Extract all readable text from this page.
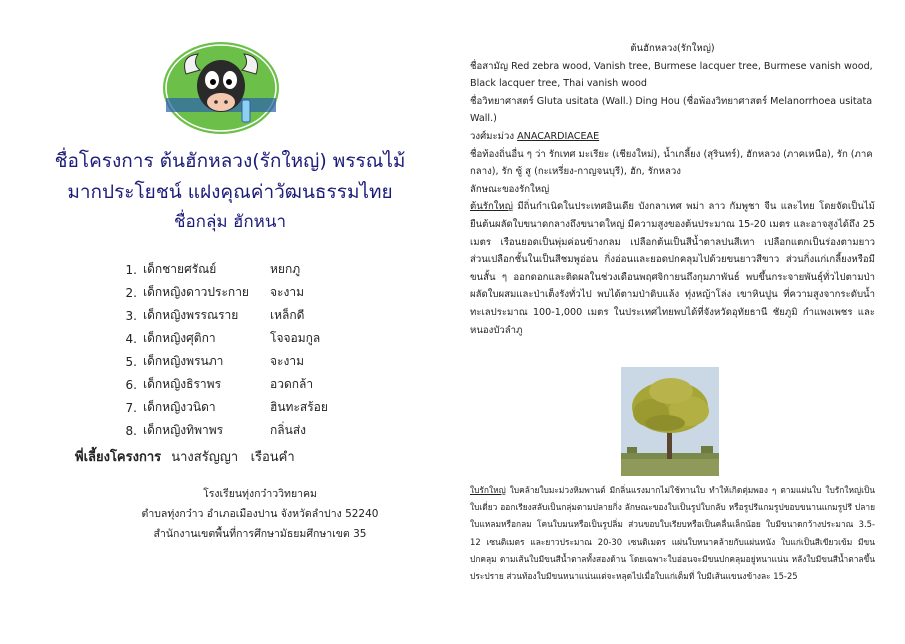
ชื่อโครงการ ต้นฮักหลวง(รักใหญ่) พรรณไม้
มากประโยชน์ แฝงคุณค่าวัฒนธรรมไทย
ชื่อกลุ่ม ฮักหนา
1. เด็กชายศรัณย์	หยกภู
2. เด็กหญิงดาวประกาย	จะงาม
3. เด็กหญิงพรรณราย	เหล็กดี
4. เด็กหญิงศุติกา	โจจอมกูล
5. เด็กหญิงพรนภา	จะงาม
6. เด็กหญิงธิราพร	อวดกล้า
7. เด็กหญิงวนิดา	ฮินทะสร้อย
8. เด็กหญิงทิพาพร	กลิ่นส่ง
พี่เลี้ยงโครงการ นางสรัญญา เรือนคำ
โรงเรียนทุ่งกว๋าววิทยาคม
ตำบลทุ่งกว๋าว อำเภอเมืองปาน จังหวัดลำปาง 52240
สำนักงานเขตพื้นที่การศึกษามัธยมศึกษาเขต 35

ต้นฮักหลวง(รักใหญ่)

ชื่อสามัญ Red zebra wood, Vanish tree, Burmese lacquer tree, Burmese vanish wood, Black lacquer tree, Thai vanish wood

ชื่อวิทยาศาสตร์ Gluta usitata (Wall.) Ding Hou (ชื่อพ้องวิทยาศาสตร์ Melanorrhoea usitata Wall.)

วงศ์มะม่วง ANACARDIACEAE

ชื่อท้องถิ่นอื่น ๆ ว่า รักเทศ มะเรียะ (เชียงใหม่), น้ำเกลี้ยง (สุรินทร์), ฮักหลวง (ภาคเหนือ), รัก (ภาคกลาง), รัก ซู้ สู (กะเหรี่ยง-กาญจนบุรี), ฮัก, รักหลวง

ลักษณะของรักใหญ่

ต้นรักใหญ่ มีถิ่นกำเนิดในประเทศอินเดีย บังกลาเทศ พม่า ลาว กัมพูชา จีน และไทย โดยจัดเป็นไม้ยืนต้นผลัดใบขนาดกลางถึงขนาดใหญ่ มีความสูงของต้นประมาณ 15-20 เมตร และอาจสูงได้ถึง 25 เมตร เรือนยอดเป็นพุ่มค่อนข้างกลม เปลือกต้นเป็นสีน้ำตาลปนสีเทา เปลือกแตกเป็นร่องตามยาว ส่วนเปลือกชั้นในเป็นสีชมพูอ่อน กิ่งอ่อนและยอดปกคลุมไปด้วยขนยาวสีขาว ส่วนกิ่งแก่เกลี้ยงหรือมีขนสั้น ๆ ออกดอกและติดผลในช่วงเดือนพฤศจิกายนถึงกุมภาพันธ์ พบขึ้นกระจายพันธุ์ทั่วไปตามป่าผลัดใบผสมและป่าเต็งรังทั่วไป พบได้ตามป่าดิบแล้ง ทุ่งหญ้าโล่ง เขาหินปูน ที่ความสูงจากระดับน้ำทะเลประมาณ 100-1,000 เมตร ในประเทศไทยพบได้ที่จังหวัดอุทัยธานี ชัยภูมิ กำแพงเพชร และหนองบัวลำภู

ใบรักใหญ่ ใบคล้ายใบมะม่วงหิมพานต์ มีกลิ่นแรงมากไม่ใช้ทานใบ ทำให้เกิดตุ่มพอง ๆ ตามแผ่นใบ ใบรักใหญ่เป็นใบเดี่ยว ออกเรียงสลับเป็นกลุ่มตามปลายกิ่ง ลักษณะของใบเป็นรูปใบกลับ หรือรูปรีแกมรูปขอบขนานแกมรูปรี ปลายใบแหลมหรือกลม โคนใบมนหรือเป็นรูปลิ่ม ส่วนขอบใบเรียบหรือเป็นคลื่นเล็กน้อย ใบมีขนาดกว้างประมาณ 3.5-12 เซนติเมตร และยาวประมาณ 20-30 เซนติเมตร แผ่นใบหนาคล้ายกับแผ่นหนัง ใบแก่เป็นสีเขียวเข้ม มีขนปกคลุม ตามเส้นใบมีขนสีน้ำตาลทั้งสองด้าน โดยเฉพาะใบอ่อนจะมีขนปกคลุมอยู่หนาแน่น หลังใบมีขนสีน้ำตาลขึ้นประปราย ส่วนท้องใบมีขนหนาแน่นแต่จะหลุดไปเมื่อใบแก่เต็มที่ ใบมีเส้นแขนงข้างละ 15-25
